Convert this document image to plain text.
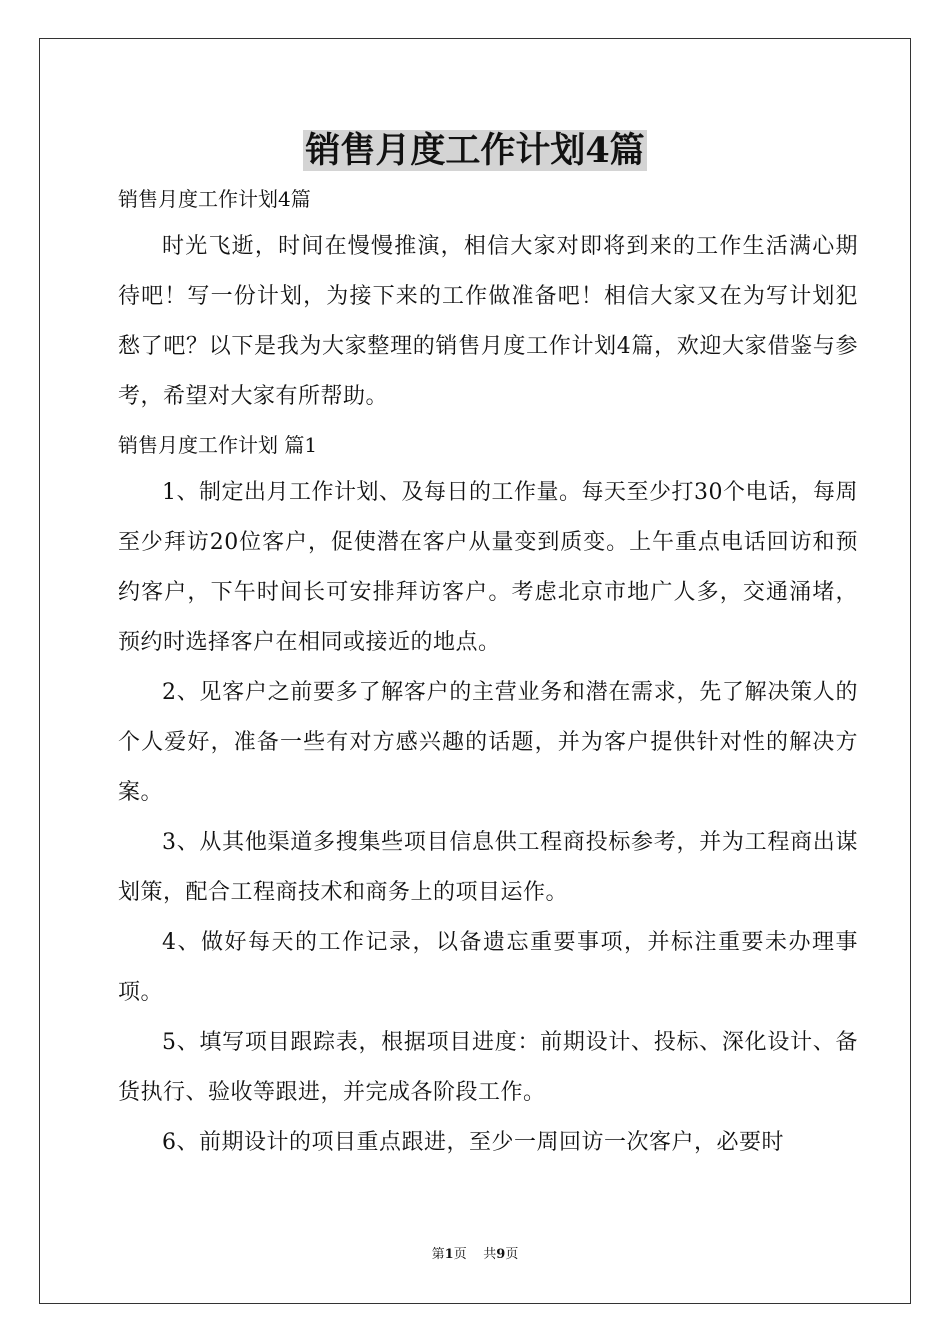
销售月度工作计划4篇

销售月度工作计划4篇

时光飞逝，时间在慢慢推演，相信大家对即将到来的工作生活满心期待吧！写一份计划，为接下来的工作做准备吧！相信大家又在为写计划犯愁了吧？以下是我为大家整理的销售月度工作计划4篇，欢迎大家借鉴与参考，希望对大家有所帮助。

销售月度工作计划 篇1

1、制定出月工作计划、及每日的工作量。每天至少打30个电话，每周至少拜访20位客户，促使潜在客户从量变到质变。上午重点电话回访和预约客户，下午时间长可安排拜访客户。考虑北京市地广人多，交通涌堵，预约时选择客户在相同或接近的地点。

2、见客户之前要多了解客户的主营业务和潜在需求，先了解决策人的个人爱好，准备一些有对方感兴趣的话题，并为客户提供针对性的解决方案。

3、从其他渠道多搜集些项目信息供工程商投标参考，并为工程商出谋划策，配合工程商技术和商务上的项目运作。

4、做好每天的工作记录，以备遗忘重要事项，并标注重要未办理事项。

5、填写项目跟踪表，根据项目进度：前期设计、投标、深化设计、备货执行、验收等跟进，并完成各阶段工作。

6、前期设计的项目重点跟进，至少一周回访一次客户，必要时

第1页 共9页
